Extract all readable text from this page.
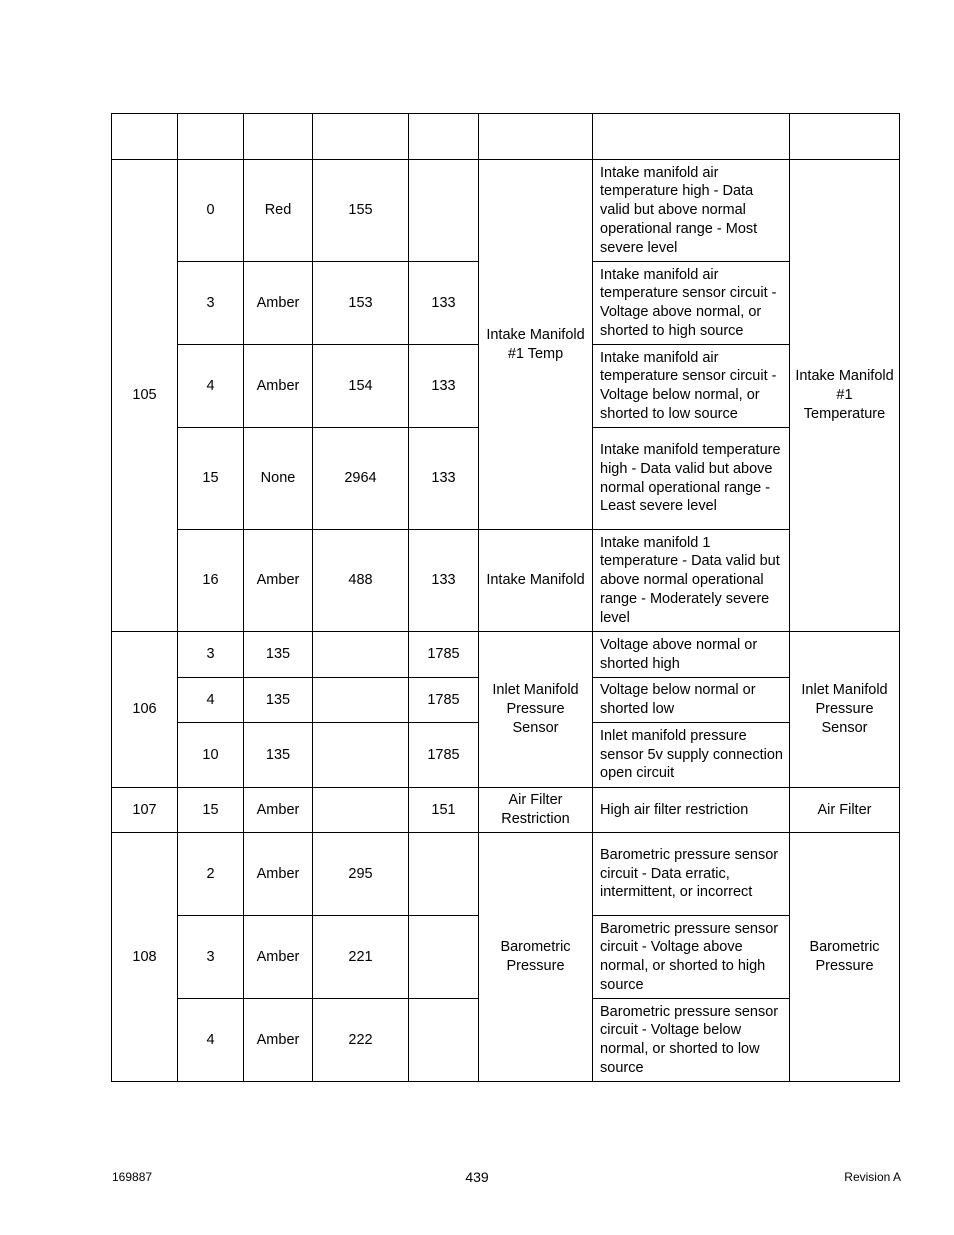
105	0	Red	155		Intake Manifold #1 Temp	Intake manifold air temperature high - Data valid but above normal operational range - Most severe level	Intake Manifold #1 Temperature
	3	Amber	153	133		Intake manifold air temperature sensor circuit - Voltage above normal, or shorted to high source	
	4	Amber	154	133		Intake manifold air temperature sensor circuit - Voltage below normal, or shorted to low source	
	15	None	2964	133		Intake manifold temperature high - Data valid but above normal operational range - Least severe level	
	16	Amber	488	133	Intake Manifold	Intake manifold 1 temperature - Data valid but above normal operational range - Moderately severe level	
106	3	135		1785	Inlet Manifold Pressure Sensor	Voltage above normal or shorted high	Inlet Manifold Pressure Sensor
	4	135		1785		Voltage below normal or shorted low	
	10	135		1785		Inlet manifold pressure sensor 5v supply connection open circuit	
107	15	Amber		151	Air Filter Restriction	High air filter restriction	Air Filter
108	2	Amber	295		Barometric Pressure	Barometric pressure sensor circuit - Data erratic, intermittent, or incorrect	Barometric Pressure
	3	Amber	221			Barometric pressure sensor circuit - Voltage above normal, or shorted to high source	
	4	Amber	222			Barometric pressure sensor circuit - Voltage below normal, or shorted to low source	
169887	439	Revision A
